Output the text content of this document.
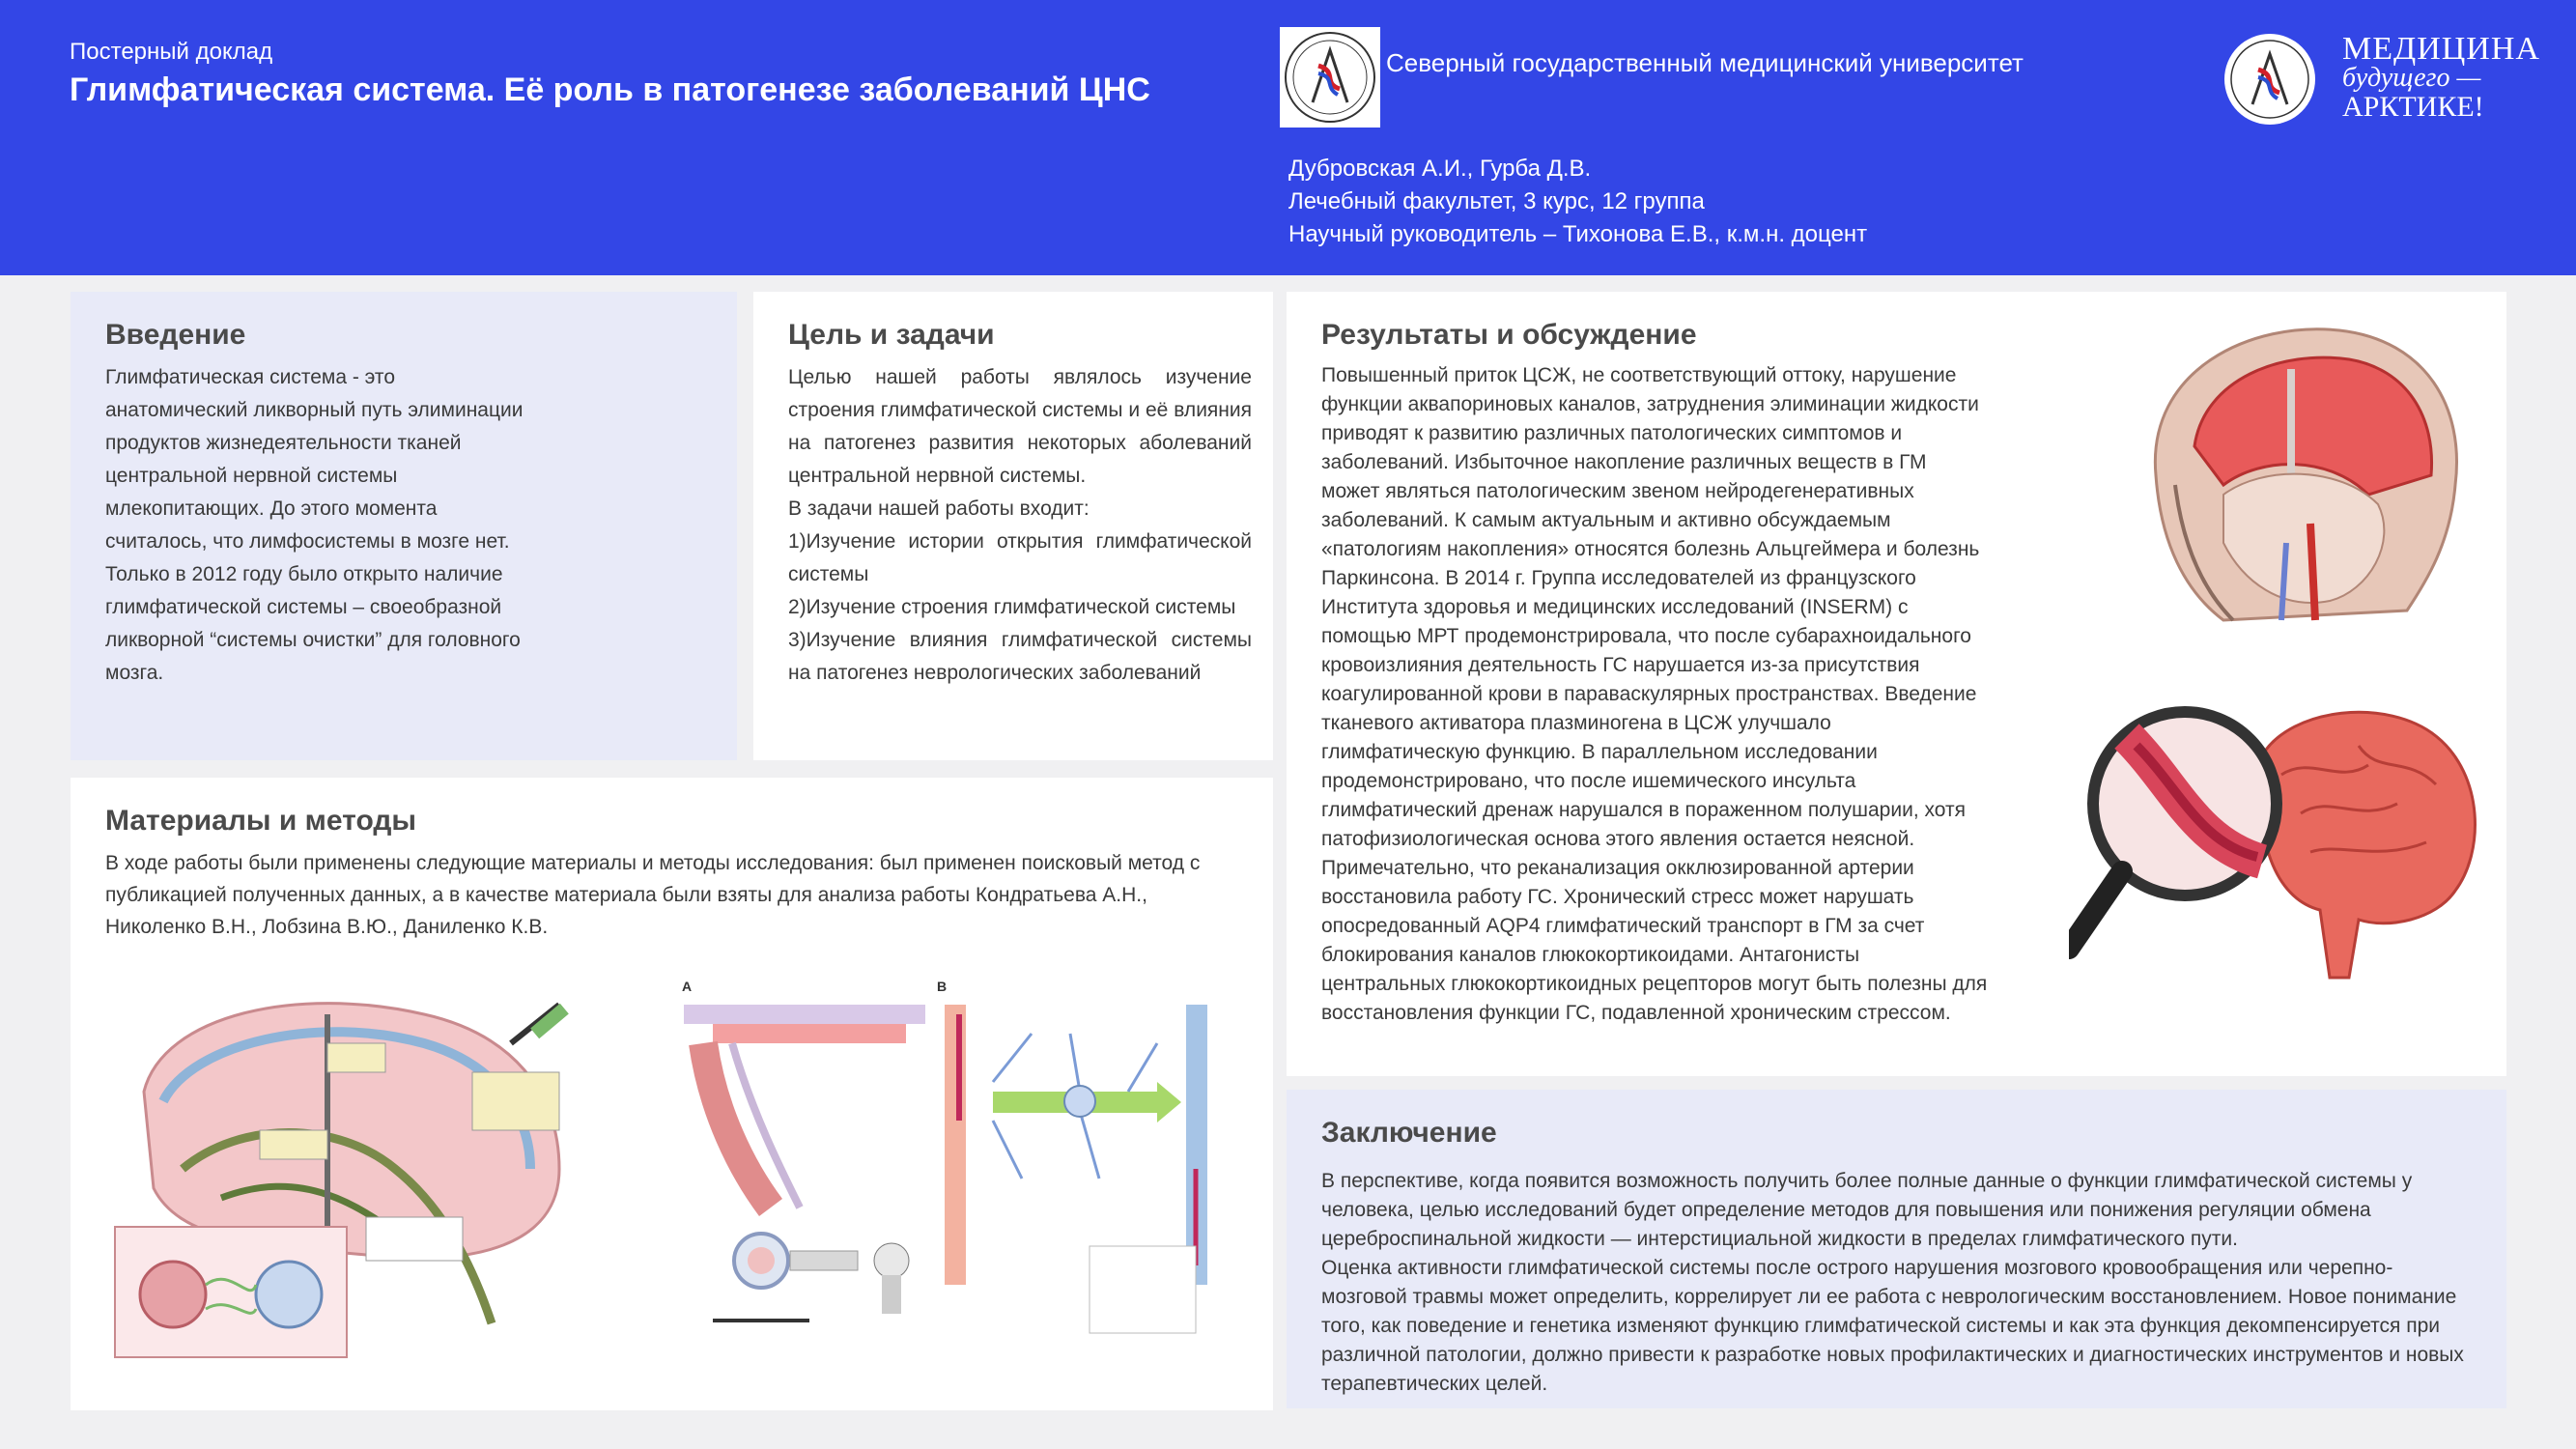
Постерный доклад
Глимфатическая система. Её роль в патогенезе заболеваний ЦНС
Северный государственный медицинский университет
Дубровская А.И., Гурба Д.В.
Лечебный факультет, 3 курс, 12 группа
Научный руководитель – Тихонова Е.В., к.м.н. доцент
МЕДИЦИНА
будущего —
АРКТИКЕ!
Введение
Глимфатическая система - это анатомический ликворный путь элиминации продуктов жизнедеятельности тканей центральной нервной системы млекопитающих. До этого момента считалось, что лимфосистемы в мозге нет. Только в 2012 году было открыто наличие глимфатической системы – своеобразной ликворной “системы очистки” для головного мозга.
Цель и задачи
Целью нашей работы являлось изучение строения глимфатической системы и её влияния на патогенез развития некоторых аболеваний центральной нервной системы.
В задачи нашей работы входит:
1)Изучение истории открытия глимфатической системы
2)Изучение строения глимфатической системы
3)Изучение влияния глимфатической системы на патогенез неврологических заболеваний
Материалы и методы
В ходе работы были применены следующие материалы и методы исследования: был применен поисковый метод с публикацией полученных данных, а в качестве материала были взяты для анализа работы Кондратьева А.Н., Николенко В.Н., Лобзина В.Ю., Даниленко К.В.
A	B
Результаты и обсуждение
Повышенный приток ЦСЖ, не соответствующий оттоку, нарушение функции аквапориновых каналов, затруднения элиминации жидкости приводят к развитию различных патологических симптомов и заболеваний. Избыточное накопление различных веществ в ГМ может являться патологическим звеном нейродегенеративных заболеваний. К самым актуальным и активно обсуждаемым «патологиям накопления» относятся болезнь Альцгеймера и болезнь Паркинсона. В 2014 г. Группа исследователей из французского Института здоровья и медицинских исследований (INSERM) с помощью МРТ продемонстрировала, что после субарахноидального кровоизлияния деятельность ГС нарушается из-за присутствия коагулированной крови в паравaскулярных пространствах. Введение тканевого активатора плазминогена в ЦСЖ улучшало глимфатическую функцию. В параллельном исследовании продемонстрировано, что после ишемического инсульта глимфатический дренаж нарушался в пораженном полушарии, хотя патофизиологическая основа этого явления остается неясной. Примечательно, что реканализация окклюзированной артерии восстановила работу ГС. Хронический стресс может нарушать опосредованный AQP4 глимфатический транспорт в ГМ за счет блокирования каналов глюкокортикоидами. Антагонисты центральных глюкокортикоидных рецепторов могут быть полезны для восстановления функции ГС, подавленной хроническим стрессом.
Заключение
В перспективе, когда появится возможность получить более полные данные о функции глимфатической системы у человека, целью исследований будет определение методов для повышения или понижения регуляции обмена цереброспинальной жидкости — интерстициальной жидкости в пределах глимфатического пути.
Оценка активности глимфатической системы после острого нарушения мозгового кровообращения или черепно-мозговой травмы может определить, коррелирует ли ее работа с неврологическим восстановлением. Новое понимание того, как поведение и генетика изменяют функцию глимфатической системы и как эта функция декомпенсируется при различной патологии, должно привести к разработке новых профилактических и диагностических инструментов и новых терапевтических целей.
